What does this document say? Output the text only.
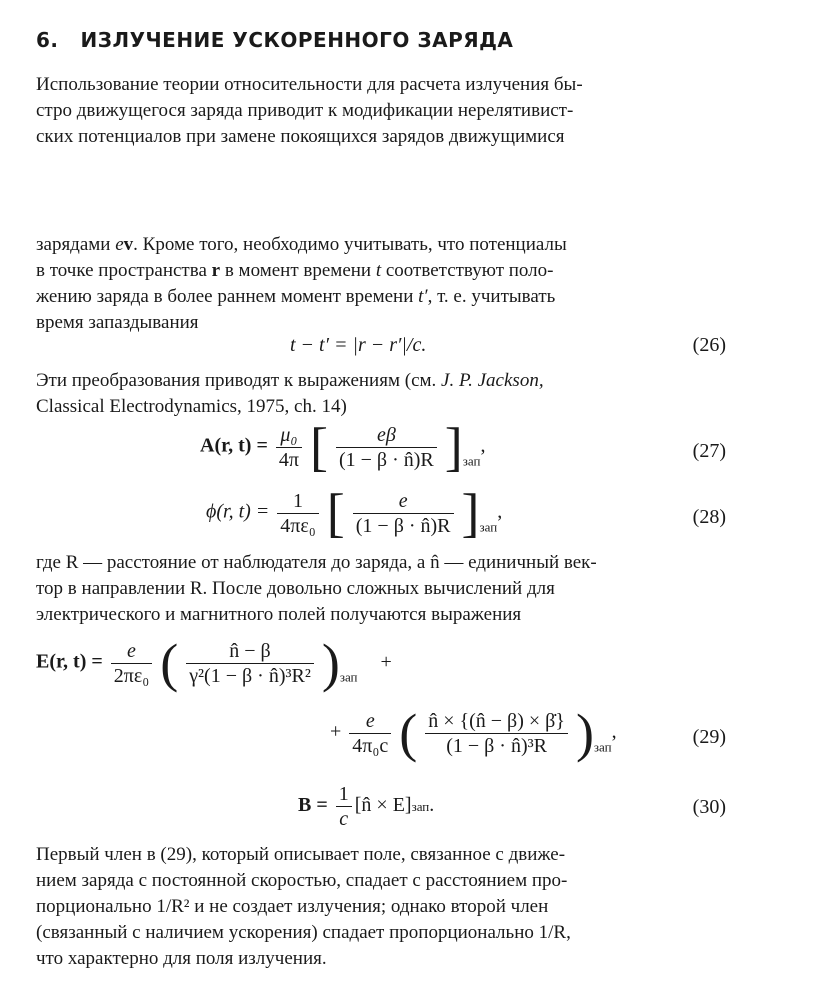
6. ИЗЛУЧЕНИЕ УСКОРЕННОГО ЗАРЯДА
Использование теории относительности для расчета излучения бы-
стро движущегося заряда приводит к модификации нерелятивист-
ских потенциалов при замене покоящихся зарядов движущимися
зарядами ev. Кроме того, необходимо учитывать, что потенциалы
в точке пространства r в момент времени t соответствуют поло-
жению заряда в более раннем момент времени t′, т. е. учитывать
время запаздывания
t − t′ = |r − r′|/c.	(26)
Эти преобразования приводят к выражениям (см. J. P. Jackson,
Classical Electrodynamics, 1975, ch. 14)
A(r, $t) = \frac{\text{μ₀}}{4\pi}$ [ $\frac{e\beta}{(1 - \beta \cdot n̂)R} ]_{зап}$,	(27)
ϕ(r, $t) = \frac{1}{\text{4πε₀}}$ [ $\frac{e}{(1 - \beta \cdot n̂)R} ]_{зап}$,	(28)
где R — расстояние от наблюдателя до заряда, а n̂ — единичный век-
тор в направлении R. После довольно сложных вычислений для
электрического и магнитного полей получаются выражения
E(r, $t) = \frac{e}{\text{2πε₀}}$ ( $\frac{n̂ - \beta}{\text{γ²(1 − β · n̂)³R²}} )_{зап}$ +
+ $\frac{e}{\text{4π₀c}}$ ( $\frac{n̂ \times \{(n̂ - \beta) \times \betȧ\}}{\text{(1 − β · n̂)³R}} )_{зап}$,	(29)
$B = \frac{1}{c}$ [n̂ × E]зап.	(30)
Первый член в (29), который описывает поле, связанное с движе-
нием заряда с постоянной скоростью, спадает с расстоянием про-
порционально 1/R² и не создает излучения; однако второй член
(связанный с наличием ускорения) спадает пропорционально 1/R,
что характерно для поля излучения.
